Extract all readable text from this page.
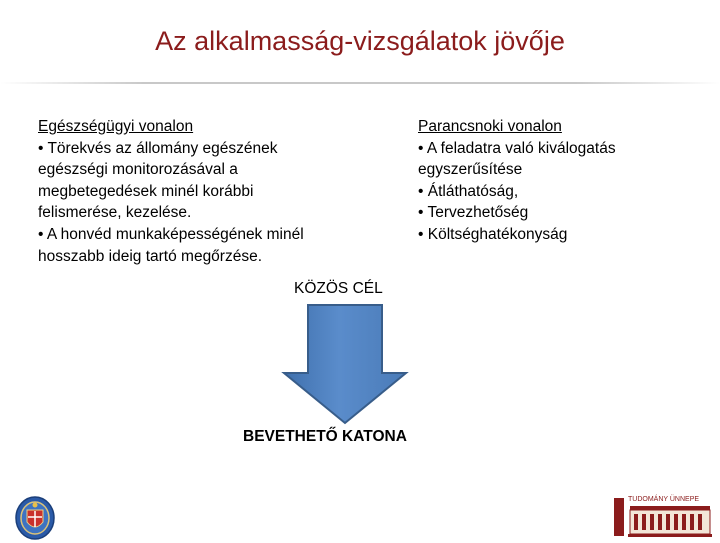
Az alkalmasság-vizsgálatok jövője
Egészségügyi vonalon
• Törekvés az állomány egészének
egészségi monitorozásával a
megbetegedések minél korábbi
felismerése, kezelése.
• A honvéd munkaképességének minél
hosszabb ideig tartó megőrzése.
Parancsnoki vonalon
• A feladatra való kiválogatás
egyszerűsítése
• Átláthatóság,
• Tervezhetőség
• Költséghatékonyság
KÖZÖS CÉL
BEVETHETŐ KATONA
TUDOMÁNY ÜNNEPE
